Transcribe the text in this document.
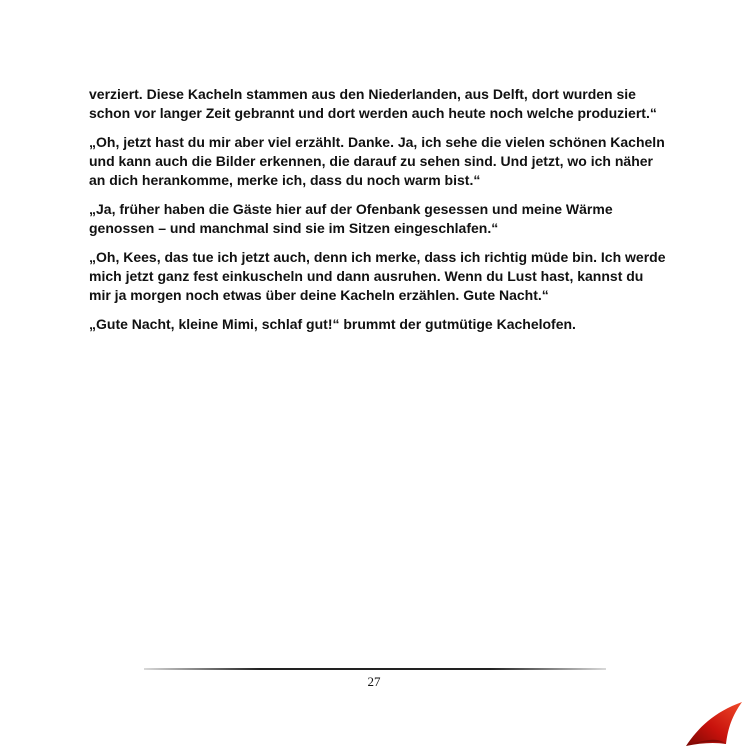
verziert. Diese Kacheln stammen aus den Niederlanden, aus Delft, dort wurden sie schon vor langer Zeit gebrannt und dort werden auch heute noch welche produziert.“

„Oh, jetzt hast du mir aber viel erzählt. Danke. Ja, ich sehe die vielen schönen Kacheln und kann auch die Bilder erkennen, die darauf zu sehen sind. Und jetzt, wo ich näher an dich herankomme, merke ich, dass du noch warm bist.“

„Ja, früher haben die Gäste hier auf der Ofenbank gesessen und meine Wärme genossen – und manchmal sind sie im Sitzen eingeschlafen.“

„Oh, Kees, das tue ich jetzt auch, denn ich merke, dass ich richtig müde bin. Ich werde mich jetzt ganz fest einkuscheln und dann ausruhen. Wenn du Lust hast, kannst du mir ja morgen noch etwas über deine Kacheln erzählen. Gute Nacht.“

„Gute Nacht, kleine Mimi, schlaf gut!“ brummt der gutmütige Kachelofen.

27
